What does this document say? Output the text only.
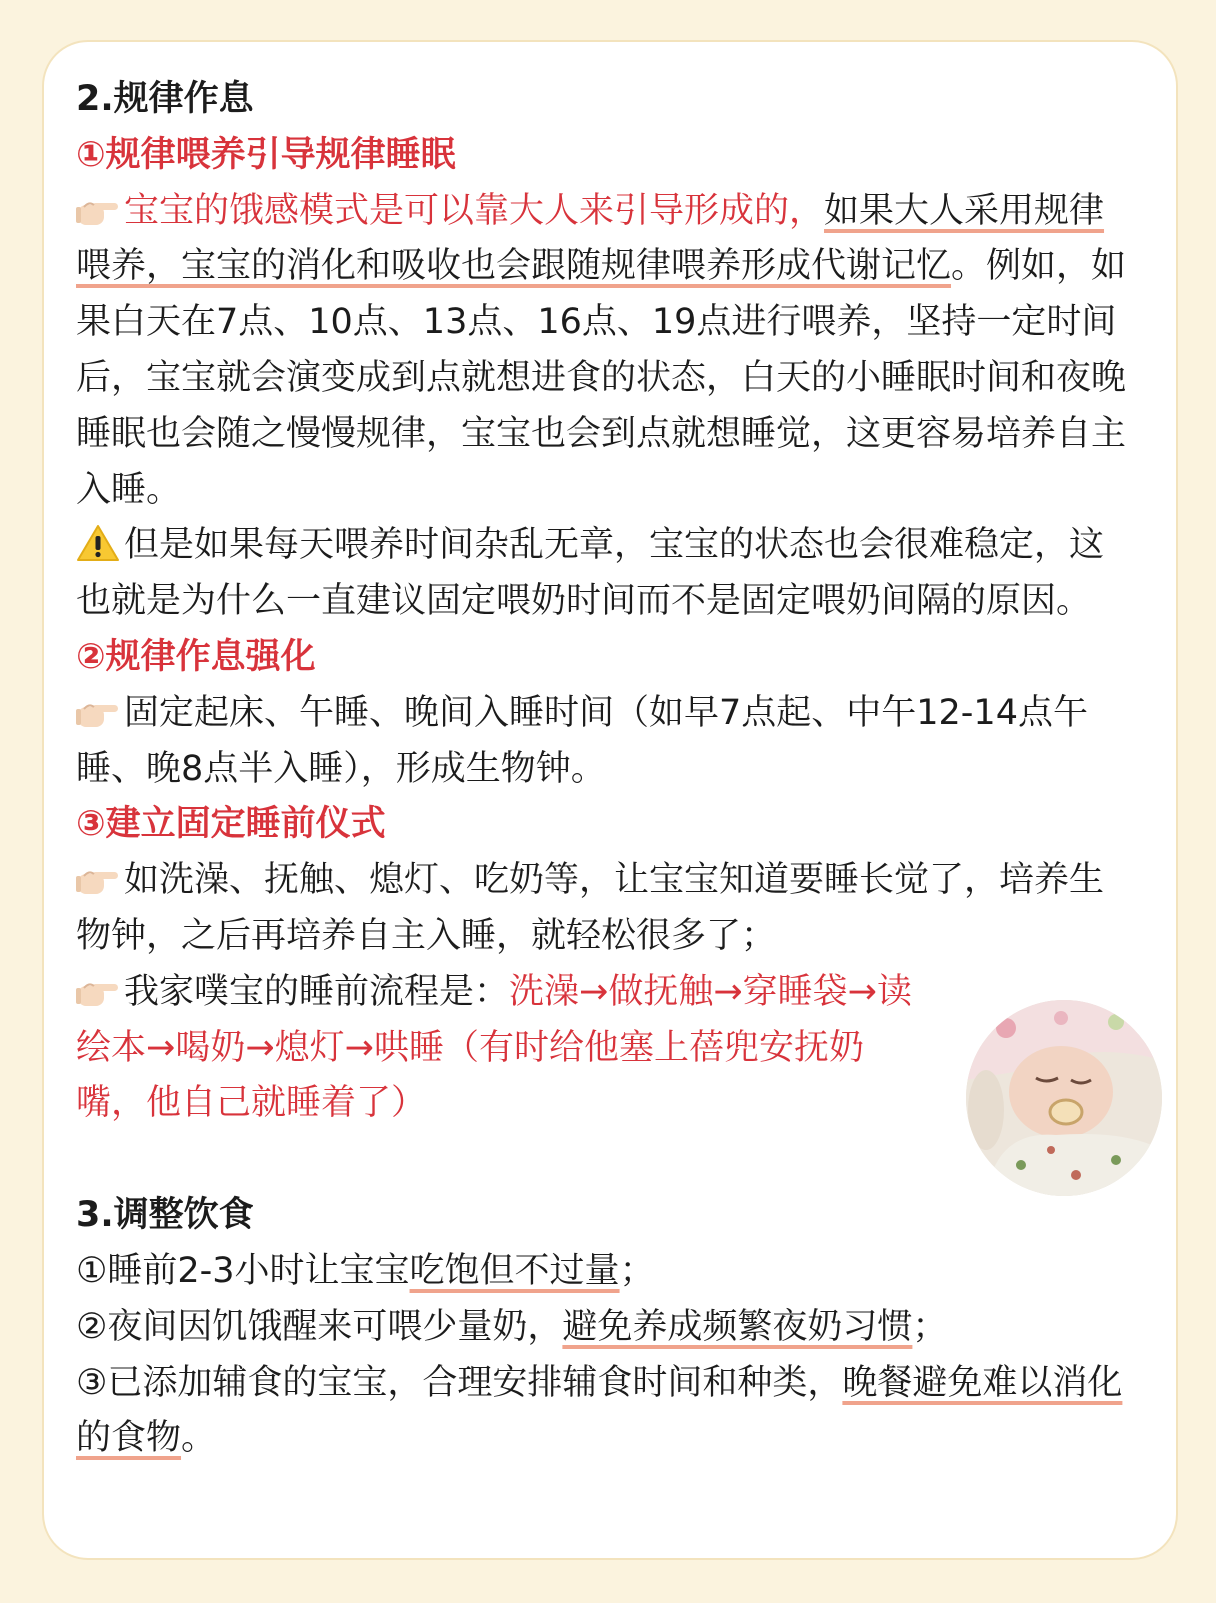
2.规律作息

①规律喂养引导规律睡眠

宝宝的饿感模式是可以靠大人来引导形成的，如果大人采用规律喂养，宝宝的消化和吸收也会跟随规律喂养形成代谢记忆。例如，如果白天在7点、10点、13点、16点、19点进行喂养，坚持一定时间后，宝宝就会演变成到点就想进食的状态，白天的小睡眠时间和夜晚睡眠也会随之慢慢规律，宝宝也会到点就想睡觉，这更容易培养自主入睡。

但是如果每天喂养时间杂乱无章，宝宝的状态也会很难稳定，这也就是为什么一直建议固定喂奶时间而不是固定喂奶间隔的原因。

②规律作息强化

固定起床、午睡、晚间入睡时间（如早7点起、中午12-14点午睡、晚8点半入睡），形成生物钟。

③建立固定睡前仪式

如洗澡、抚触、熄灯、吃奶等，让宝宝知道要睡长觉了，培养生物钟，之后再培养自主入睡，就轻松很多了；

我家噗宝的睡前流程是：洗澡→做抚触→穿睡袋→读绘本→喝奶→熄灯→哄睡（有时给他塞上蓓兜安抚奶嘴，他自己就睡着了）

3.调整饮食

①睡前2-3小时让宝宝吃饱但不过量；

②夜间因饥饿醒来可喂少量奶，避免养成频繁夜奶习惯；

③已添加辅食的宝宝，合理安排辅食时间和种类，晚餐避免难以消化的食物。
